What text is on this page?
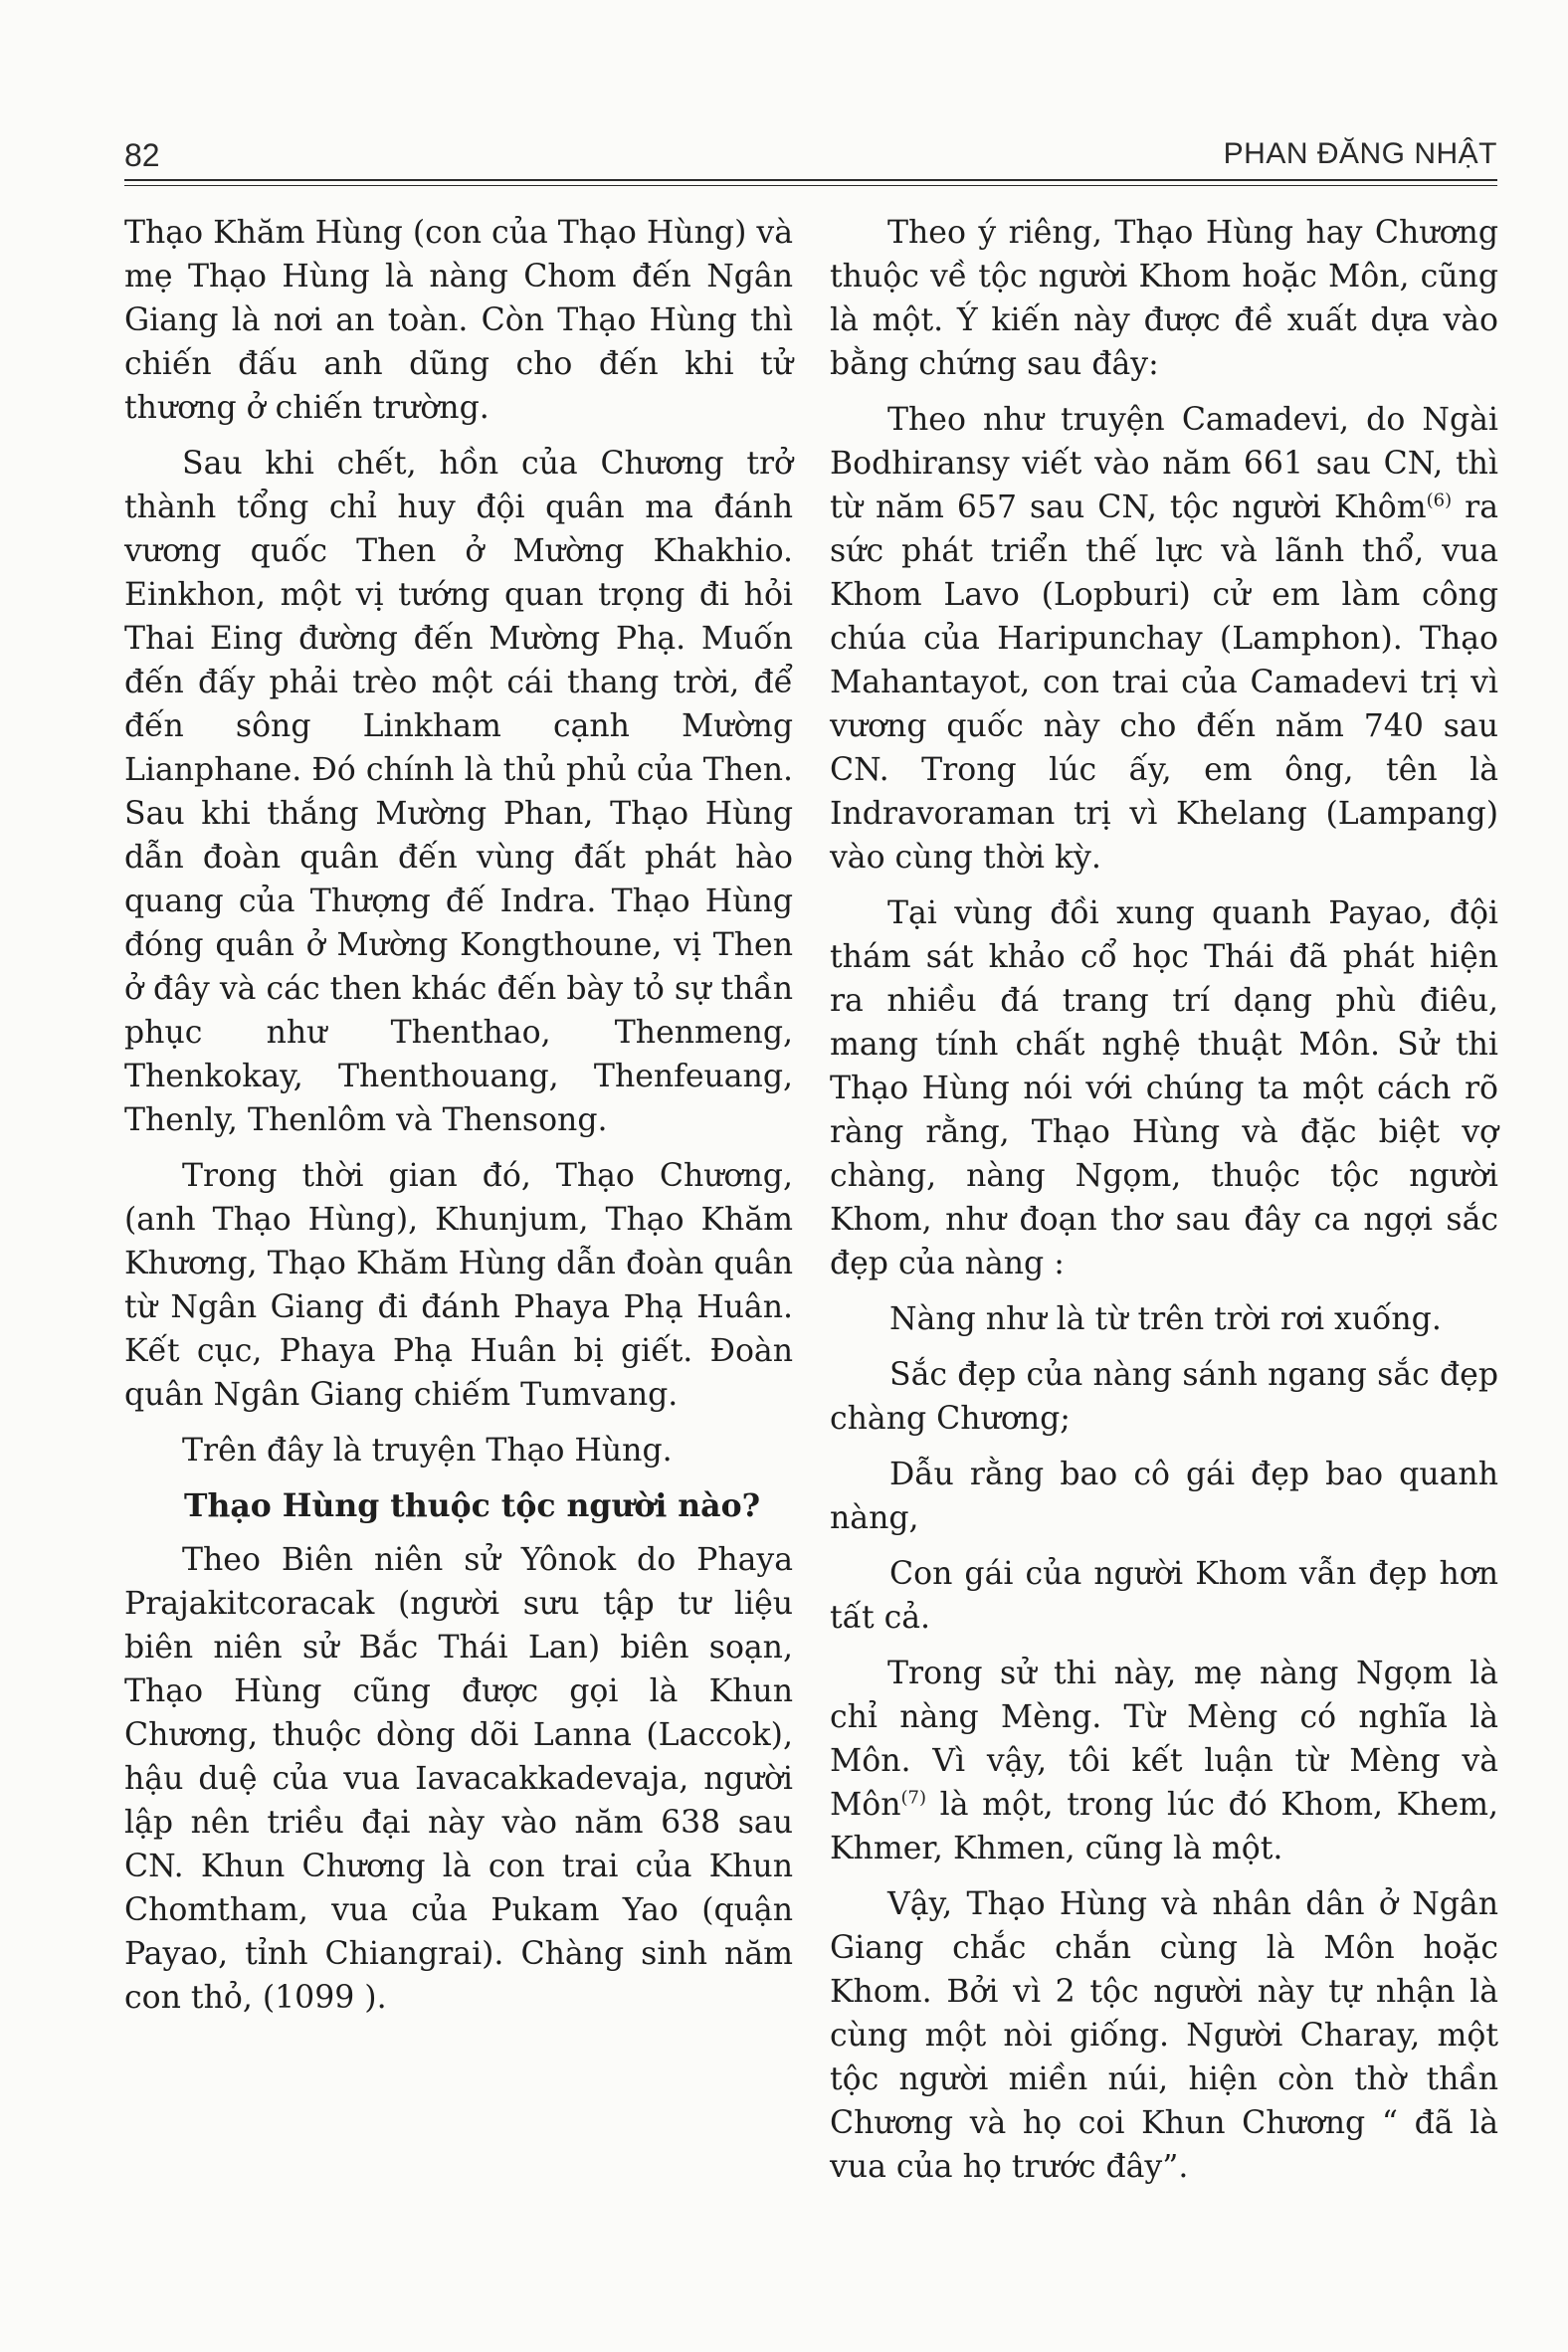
82	PHAN ĐĂNG NHẬT

Thạo Khăm Hùng (con của Thạo Hùng) và mẹ Thạo Hùng là nàng Chom đến Ngân Giang là nơi an toàn. Còn Thạo Hùng thì chiến đấu anh dũng cho đến khi tử thương ở chiến trường.

Sau khi chết, hồn của Chương trở thành tổng chỉ huy đội quân ma đánh vương quốc Then ở Mường Khakhio. Einkhon, một vị tướng quan trọng đi hỏi Thai Eing đường đến Mường Phạ. Muốn đến đấy phải trèo một cái thang trời, để đến sông Linkham cạnh Mường Lianphane. Đó chính là thủ phủ của Then. Sau khi thắng Mường Phan, Thạo Hùng dẫn đoàn quân đến vùng đất phát hào quang của Thượng đế Indra. Thạo Hùng đóng quân ở Mường Kongthoune, vị Then ở đây và các then khác đến bày tỏ sự thần phục như Thenthao, Thenmeng, Thenkokay, Thenthouang, Thenfeuang, Thenly, Thenlôm và Thensong.

Trong thời gian đó, Thạo Chương, (anh Thạo Hùng), Khunjum, Thạo Khăm Khương, Thạo Khăm Hùng dẫn đoàn quân từ Ngân Giang đi đánh Phaya Phạ Huân. Kết cục, Phaya Phạ Huân bị giết. Đoàn quân Ngân Giang chiếm Tumvang.

Trên đây là truyện Thạo Hùng.

Thạo Hùng thuộc tộc người nào?

Theo Biên niên sử Yônok do Phaya Prajakitcoracak (người sưu tập tư liệu biên niên sử Bắc Thái Lan) biên soạn, Thạo Hùng cũng được gọi là Khun Chương, thuộc dòng dõi Lanna (Laccok), hậu duệ của vua Iavacakkadevaja, người lập nên triều đại này vào năm 638 sau CN. Khun Chương là con trai của Khun Chomtham, vua của Pukam Yao (quận Payao, tỉnh Chiangrai). Chàng sinh năm con thỏ, (1099 ).

Theo ý riêng, Thạo Hùng hay Chương thuộc về tộc người Khom hoặc Môn, cũng là một. Ý kiến này được đề xuất dựa vào bằng chứng sau đây:

Theo như truyện Camadevi, do Ngài Bodhiransy viết vào năm 661 sau CN, thì từ năm 657 sau CN, tộc người Khôm$^{(6)}$ ra sức phát triển thế lực và lãnh thổ, vua Khom Lavo (Lopburi) cử em làm công chúa của Haripunchay (Lamphon). Thạo Mahantayot, con trai của Camadevi trị vì vương quốc này cho đến năm 740 sau CN. Trong lúc ấy, em ông, tên là Indravoraman trị vì Khelang (Lampang) vào cùng thời kỳ.

Tại vùng đồi xung quanh Payao, đội thám sát khảo cổ học Thái đã phát hiện ra nhiều đá trang trí dạng phù điêu, mang tính chất nghệ thuật Môn. Sử thi Thạo Hùng nói với chúng ta một cách rõ ràng rằng, Thạo Hùng và đặc biệt vợ chàng, nàng Ngọm, thuộc tộc người Khom, như đoạn thơ sau đây ca ngợi sắc đẹp của nàng :

Nàng như là từ trên trời rơi xuống.

Sắc đẹp của nàng sánh ngang sắc đẹp chàng Chương;

Dẫu rằng bao cô gái đẹp bao quanh nàng,

Con gái của người Khom vẫn đẹp hơn tất cả.

Trong sử thi này, mẹ nàng Ngọm là chỉ nàng Mèng. Từ Mèng có nghĩa là Môn. Vì vậy, tôi kết luận từ Mèng và Môn$^{(7)}$ là một, trong lúc đó Khom, Khem, Khmer, Khmen, cũng là một.

Vậy, Thạo Hùng và nhân dân ở Ngân Giang chắc chắn cùng là Môn hoặc Khom. Bởi vì 2 tộc người này tự nhận là cùng một nòi giống. Người Charay, một tộc người miền núi, hiện còn thờ thần Chương và họ coi Khun Chương “ đã là vua của họ trước đây”.
